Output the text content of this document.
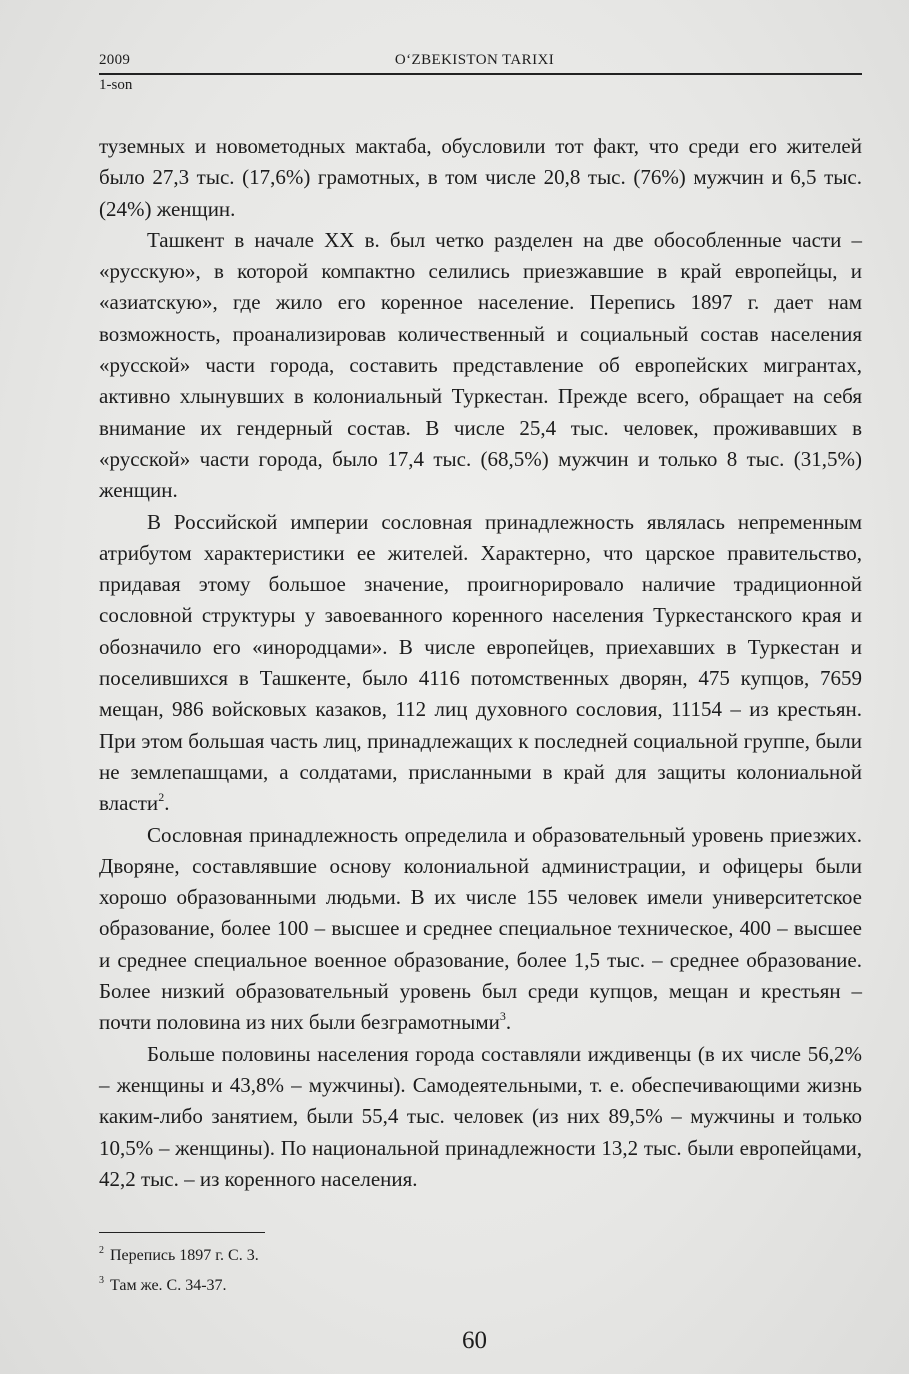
2009	O‘ZBEKISTON TARIXI
1-son

туземных и новометодных мактаба, обусловили тот факт, что среди его жителей было 27,3 тыс. (17,6%) грамотных, в том числе 20,8 тыс. (76%) мужчин и 6,5 тыс. (24%) женщин.

Ташкент в начале XX в. был четко разделен на две обособленные части – «русскую», в которой компактно селились приезжавшие в край европейцы, и «азиатскую», где жило его коренное население. Перепись 1897 г. дает нам возможность, проанализировав количественный и социальный состав населения «русской» части города, составить представление об европейских мигрантах, активно хлынувших в колониальный Туркестан. Прежде всего, обращает на себя внимание их гендерный состав. В числе 25,4 тыс. человек, проживавших в «русской» части города, было 17,4 тыс. (68,5%) мужчин и только 8 тыс. (31,5%) женщин.

В Российской империи сословная принадлежность являлась непременным атрибутом характеристики ее жителей. Характерно, что царское правительство, придавая этому большое значение, проигнорировало наличие традиционной сословной структуры у завоеванного коренного населения Туркестанского края и обозначило его «инородцами». В числе европейцев, приехавших в Туркестан и поселившихся в Ташкенте, было 4116 потомственных дворян, 475 купцов, 7659 мещан, 986 войсковых казаков, 112 лиц духовного сословия, 11154 – из крестьян. При этом большая часть лиц, принадлежащих к последней социальной группе, были не землепашцами, а солдатами, присланными в край для защиты колониальной власти$^2$.

Сословная принадлежность определила и образовательный уровень приезжих. Дворяне, составлявшие основу колониальной администрации, и офицеры были хорошо образованными людьми. В их числе 155 человек имели университетское образование, более 100 – высшее и среднее специальное техническое, 400 – высшее и среднее специальное военное образование, более 1,5 тыс. – среднее образование. Более низкий образовательный уровень был среди купцов, мещан и крестьян – почти половина из них были безграмотными$^3$.

Больше половины населения города составляли иждивенцы (в их числе 56,2% – женщины и 43,8% – мужчины). Самодеятельными, т. е. обеспечивающими жизнь каким-либо занятием, были 55,4 тыс. человек (из них 89,5% – мужчины и только 10,5% – женщины). По национальной принадлежности 13,2 тыс. были европейцами, 42,2 тыс. – из коренного населения.

$^2$ Перепись 1897 г. С. 3.
$^3$ Там же. С. 34-37.
60
